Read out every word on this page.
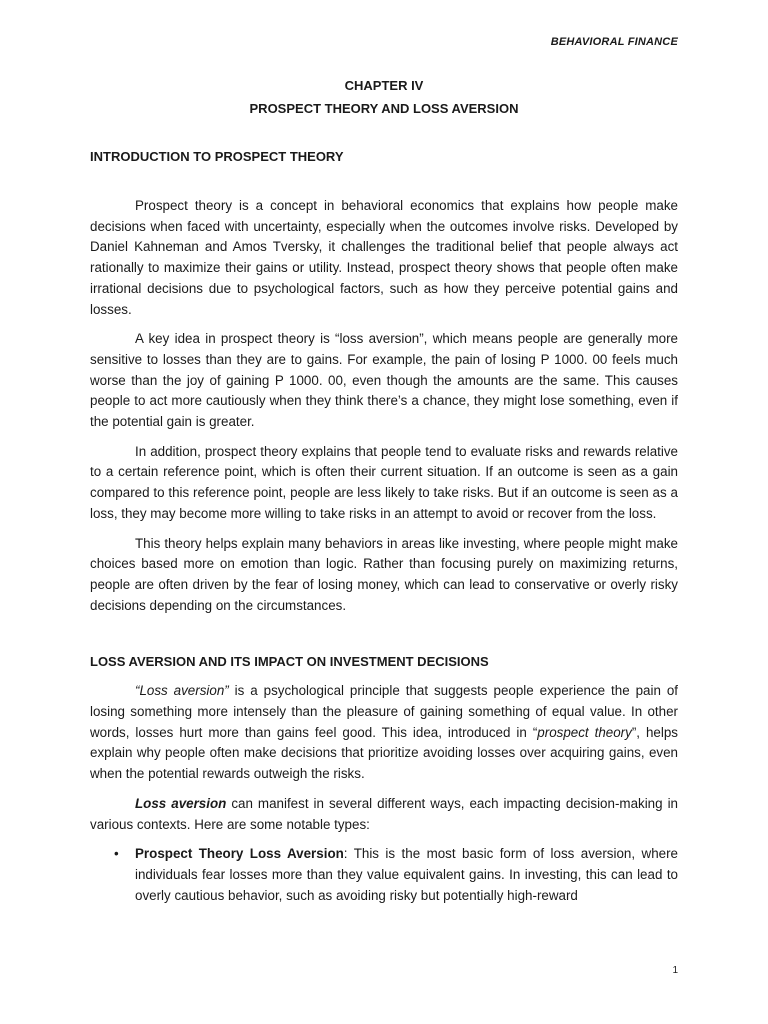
BEHAVIORAL FINANCE
CHAPTER IV
PROSPECT THEORY AND LOSS AVERSION
INTRODUCTION TO PROSPECT THEORY

Prospect theory is a concept in behavioral economics that explains how people make decisions when faced with uncertainty, especially when the outcomes involve risks. Developed by Daniel Kahneman and Amos Tversky, it challenges the traditional belief that people always act rationally to maximize their gains or utility. Instead, prospect theory shows that people often make irrational decisions due to psychological factors, such as how they perceive potential gains and losses.

A key idea in prospect theory is “loss aversion”, which means people are generally more sensitive to losses than they are to gains. For example, the pain of losing P 1000. 00 feels much worse than the joy of gaining P 1000. 00, even though the amounts are the same. This causes people to act more cautiously when they think there’s a chance, they might lose something, even if the potential gain is greater.

In addition, prospect theory explains that people tend to evaluate risks and rewards relative to a certain reference point, which is often their current situation. If an outcome is seen as a gain compared to this reference point, people are less likely to take risks. But if an outcome is seen as a loss, they may become more willing to take risks in an attempt to avoid or recover from the loss.

This theory helps explain many behaviors in areas like investing, where people might make choices based more on emotion than logic. Rather than focusing purely on maximizing returns, people are often driven by the fear of losing money, which can lead to conservative or overly risky decisions depending on the circumstances.

LOSS AVERSION AND ITS IMPACT ON INVESTMENT DECISIONS

“Loss aversion” is a psychological principle that suggests people experience the pain of losing something more intensely than the pleasure of gaining something of equal value. In other words, losses hurt more than gains feel good. This idea, introduced in “prospect theory”, helps explain why people often make decisions that prioritize avoiding losses over acquiring gains, even when the potential rewards outweigh the risks.

Loss aversion can manifest in several different ways, each impacting decision-making in various contexts. Here are some notable types:

• Prospect Theory Loss Aversion: This is the most basic form of loss aversion, where individuals fear losses more than they value equivalent gains. In investing, this can lead to overly cautious behavior, such as avoiding risky but potentially high-reward
1
